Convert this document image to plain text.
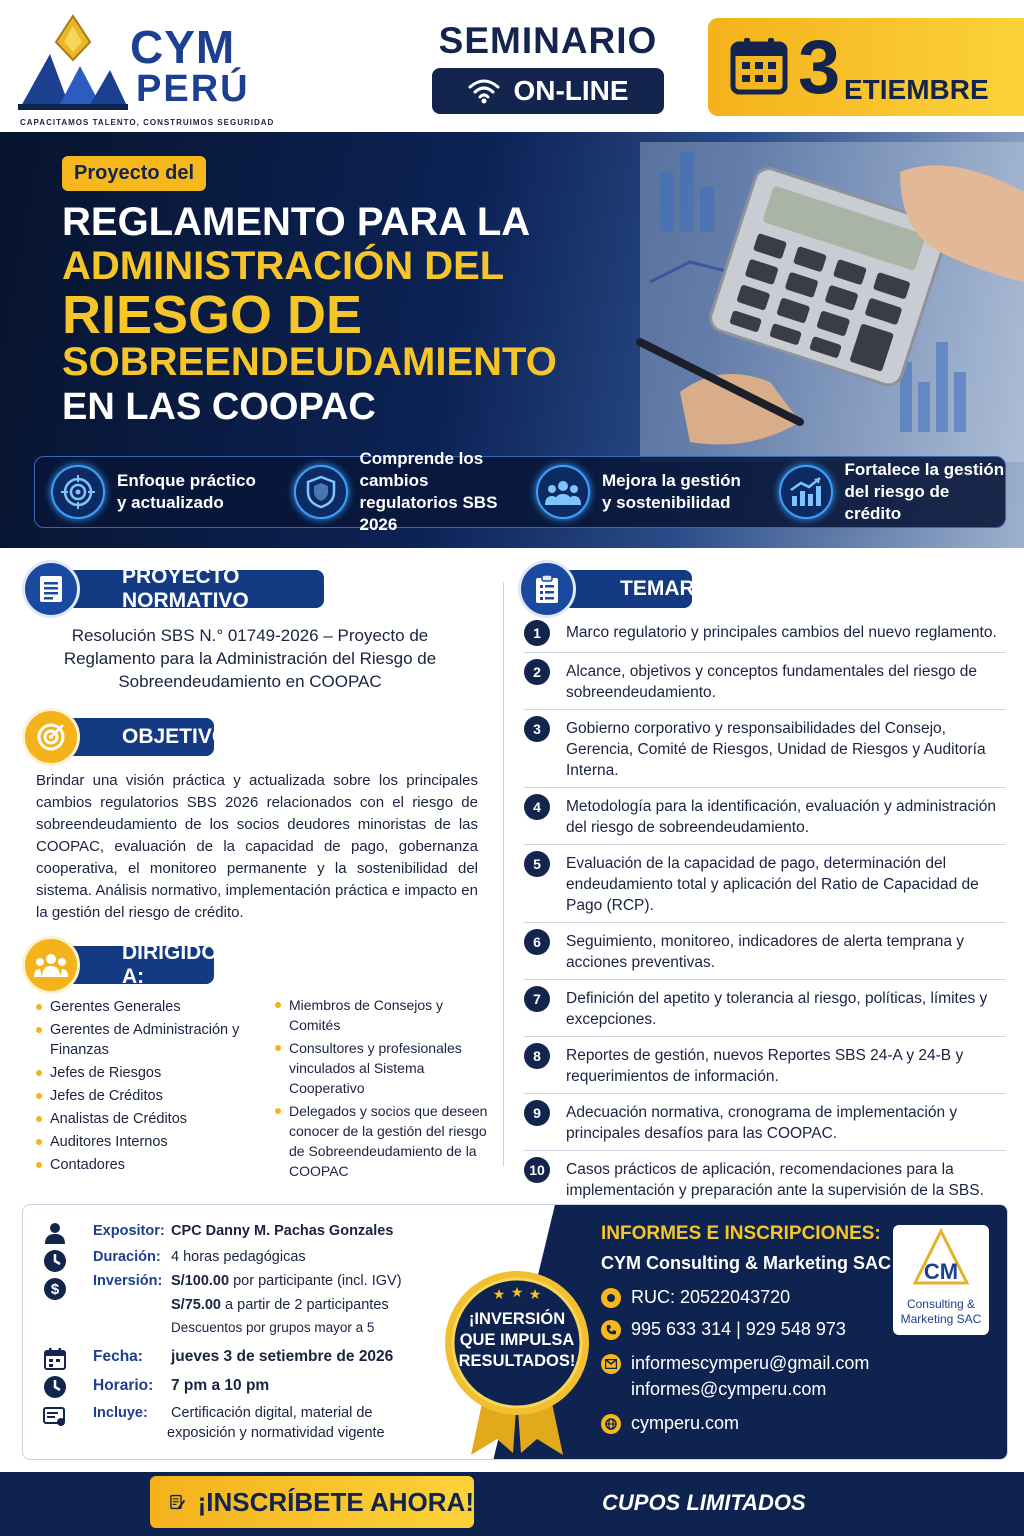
CYM
PERÚ
CAPACITAMOS TALENTO, CONSTRUIMOS SEGURIDAD
SEMINARIO
ON-LINE 3 ETIEMBRE
Proyecto del
REGLAMENTO PARA LA
ADMINISTRACIÓN DEL
RIESGO DE
SOBREENDEUDAMIENTO
EN LAS COOPAC
Enfoque práctico
y actualizado
Comprende los cambios
regulatorios SBS 2026
Mejora la gestión
y sostenibilidad
Fortalece la gestión
del riesgo de crédito
PROYECTO NORMATIVO
Resolución SBS N.° 01749-2026 – Proyecto de
Reglamento para la Administración del Riesgo de
Sobreendeudamiento en COOPAC
OBJETIVOS
Brindar una visión práctica y actualizada sobre los principales cambios regulatorios SBS 2026 relacionados con el riesgo de sobreendeudamiento de los socios deudores minoristas de las COOPAC, evaluación de la capacidad de pago, gobernanza cooperativa, el monitoreo permanente y la sostenibilidad del sistema. Análisis normativo, implementación práctica e impacto en la gestión del riesgo de crédito.
DIRIGIDO A:
Gerentes Generales
Gerentes de Administración y Finanzas
Jefes de Riesgos
Jefes de Créditos
Analistas de Créditos
Auditores Internos
Contadores
Miembros de Consejos y Comités
Consultores y profesionales vinculados al Sistema Cooperativo
Delegados y socios que deseen conocer de la gestión del riesgo de Sobreendeudamiento de la COOPAC
TEMARIO
1	Marco regulatorio y principales cambios del nuevo reglamento.
2	Alcance, objetivos y conceptos fundamentales del riesgo de sobreendeudamiento.
3	Gobierno corporativo y responsaibilidades del Consejo, Gerencia, Comité de Riesgos, Unidad de Riesgos y Auditoría Interna.
4	Metodología para la identificación, evaluación y administración del riesgo de sobreendeudamiento.
5	Evaluación de la capacidad de pago, determinación del endeudamiento total y aplicación del Ratio de Capacidad de Pago (RCP).
6	Seguimiento, monitoreo, indicadores de alerta temprana y acciones preventivas.
7	Definición del apetito y tolerancia al riesgo, políticas, límites y excepciones.
8	Reportes de gestión, nuevos Reportes SBS 24-A y 24-B y requerimientos de información.
9	Adecuación normativa, cronograma de implementación y principales desafíos para las COOPAC.
10	Casos prácticos de aplicación, recomendaciones para la implementación y preparación ante la supervisión de la SBS.
Expositor: CPC Danny M. Pachas Gonzales
Duración: 4 horas pedagógicas
$ Inversión: S/100.00 por participante (incl. IGV)
S/75.00 a partir de 2 participantes
Descuentos por grupos mayor a 5
Fecha: jueves 3 de setiembre de 2026
Horario: 7 pm a 10 pm
Incluye: Certificación digital, material de
exposición y normatividad vigente
★ ★ ★
¡INVERSIÓN
QUE IMPULSA
RESULTADOS!
INFORMES E INSCRIPCIONES:
CYM Consulting & Marketing SAC
RUC: 20522043720
995 633 314 | 929 548 973
informescymperu@gmail.com
informes@cymperu.com
cymperu.com
CM
Consulting &
Marketing SAC
¡INSCRÍBETE AHORA!	CUPOS LIMITADOS
